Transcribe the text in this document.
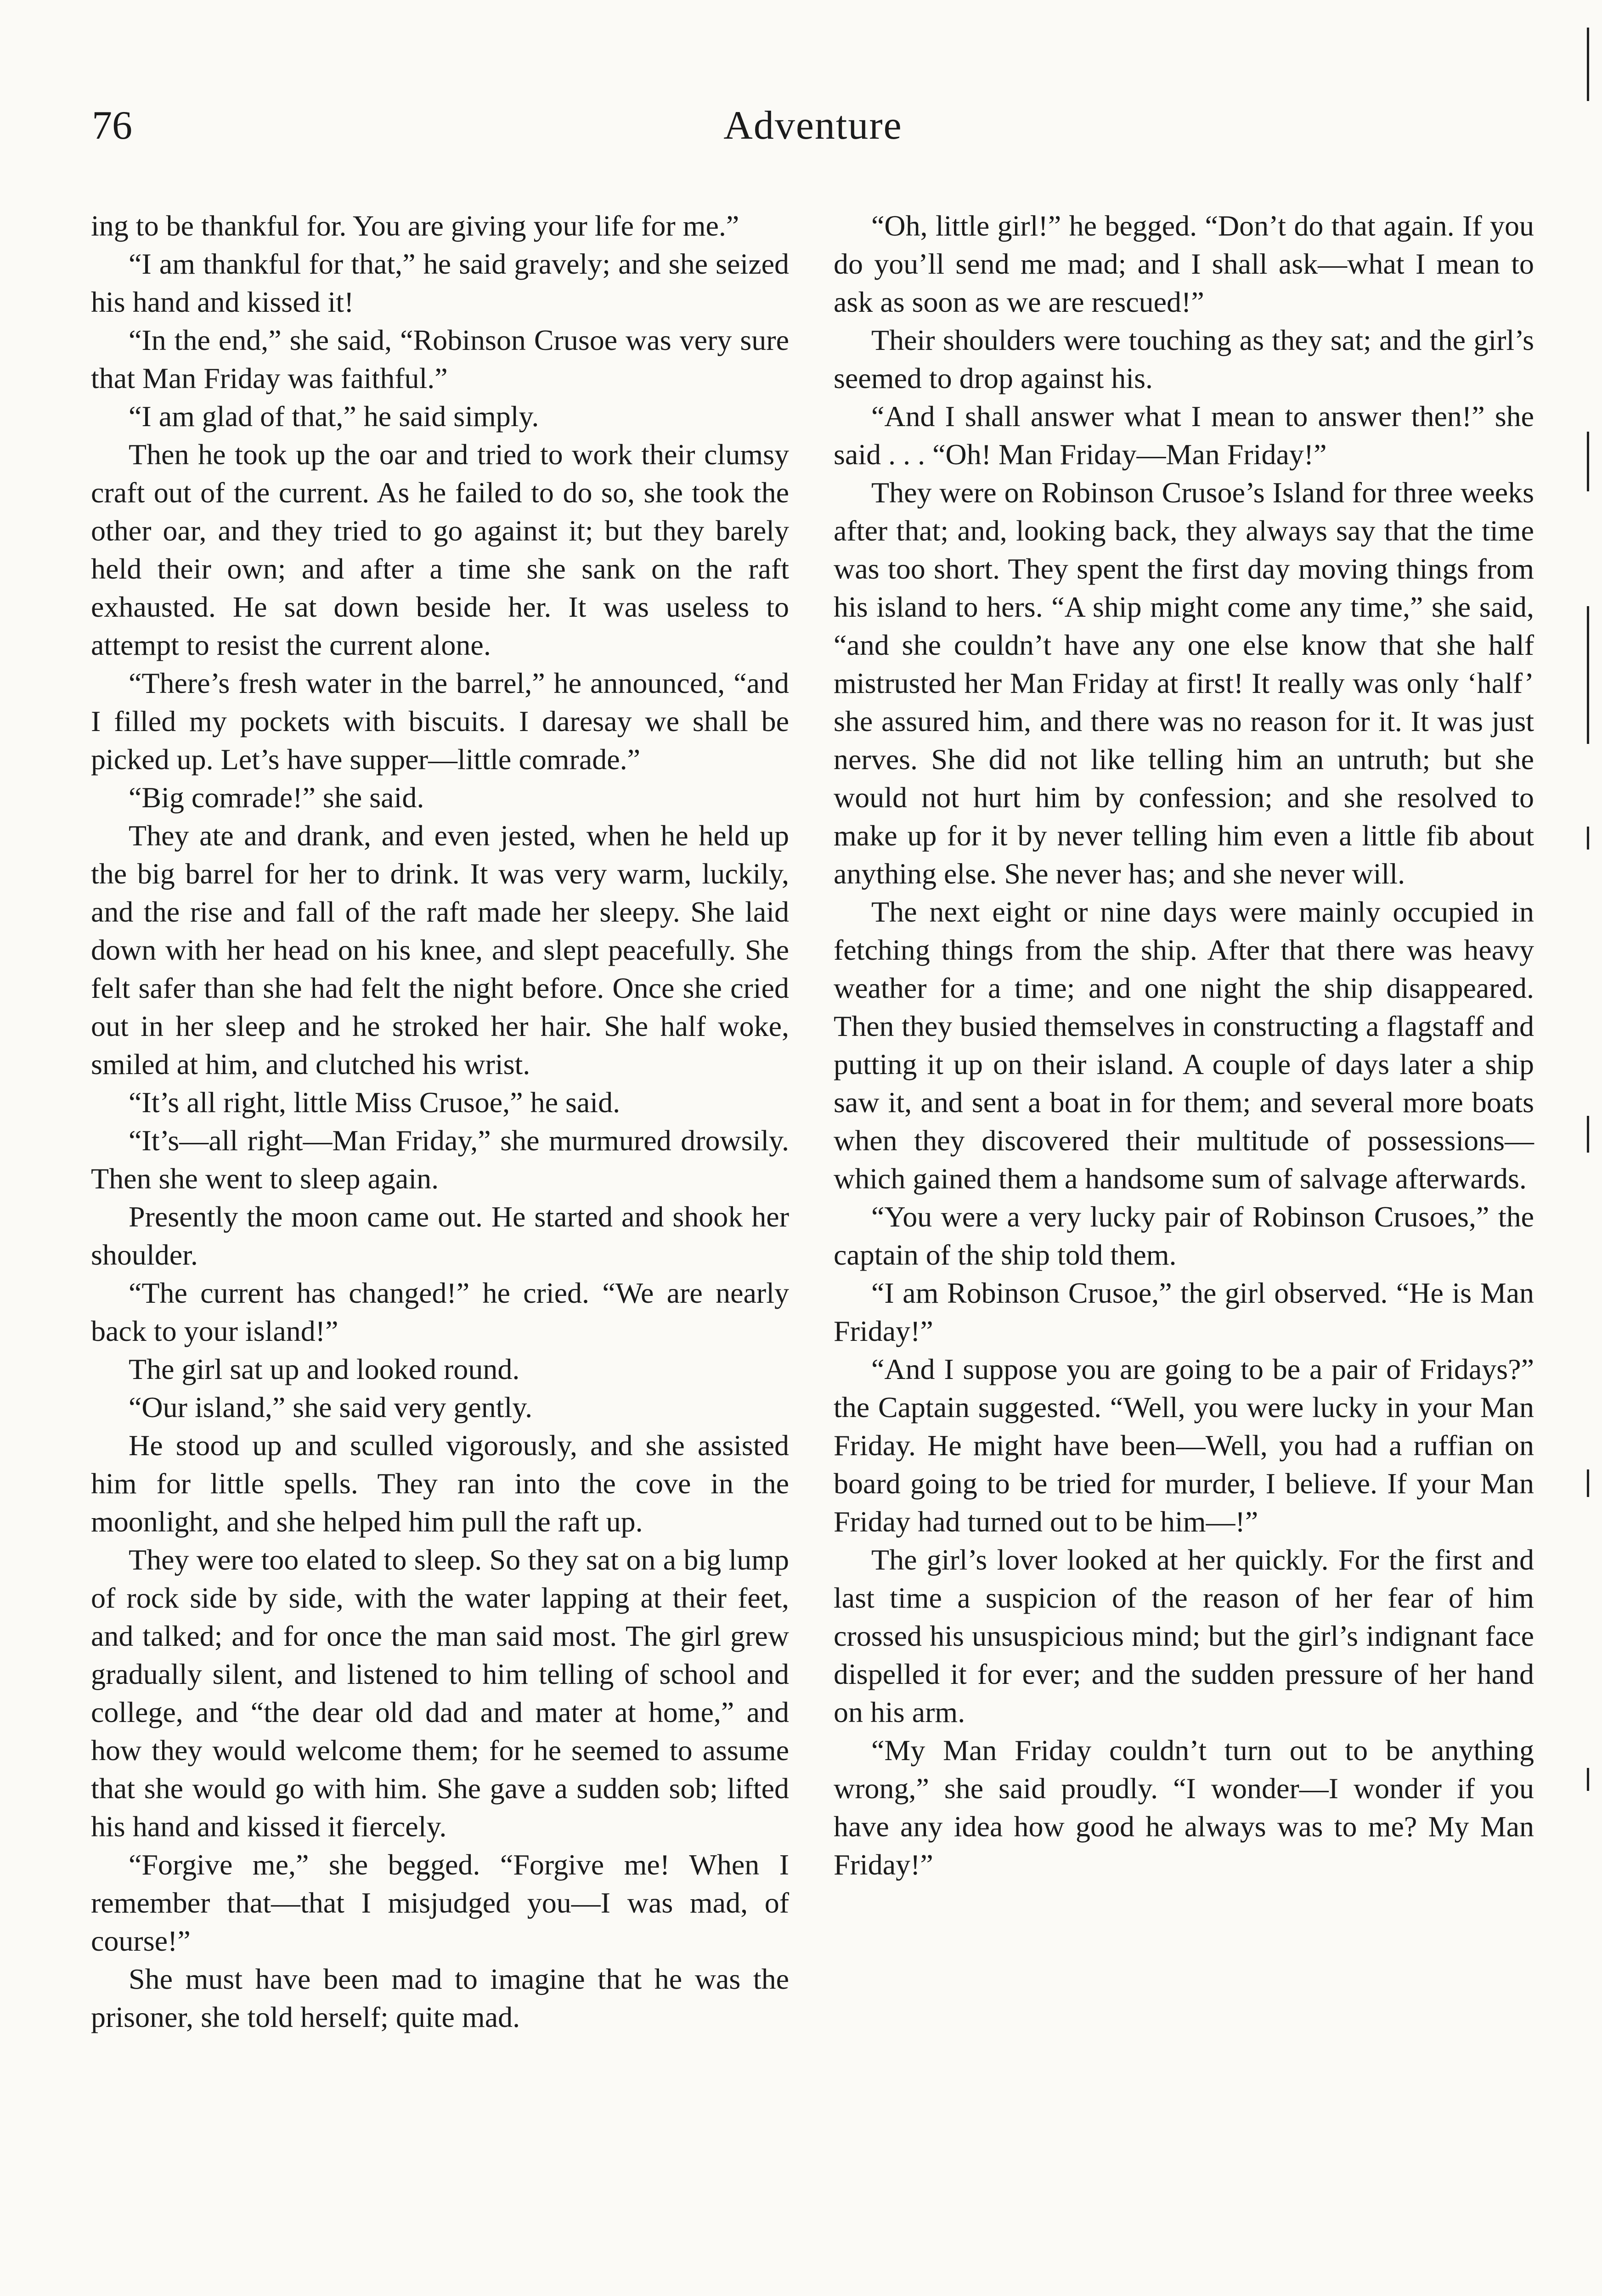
76	Adventure

ing to be thankful for. You are giving your life for me.”

“I am thankful for that,” he said gravely; and she seized his hand and kissed it!

“In the end,” she said, “Robinson Crusoe was very sure that Man Friday was faithful.”

“I am glad of that,” he said simply.

Then he took up the oar and tried to work their clumsy craft out of the current. As he failed to do so, she took the other oar, and they tried to go against it; but they barely held their own; and after a time she sank on the raft exhausted. He sat down beside her. It was useless to attempt to resist the current alone.

“There’s fresh water in the barrel,” he announced, “and I filled my pockets with biscuits. I daresay we shall be picked up. Let’s have supper—little comrade.”

“Big comrade!” she said.

They ate and drank, and even jested, when he held up the big barrel for her to drink. It was very warm, luckily, and the rise and fall of the raft made her sleepy. She laid down with her head on his knee, and slept peacefully. She felt safer than she had felt the night before. Once she cried out in her sleep and he stroked her hair. She half woke, smiled at him, and clutched his wrist.

“It’s all right, little Miss Crusoe,” he said.

“It’s—all right—Man Friday,” she murmured drowsily. Then she went to sleep again.

Presently the moon came out. He started and shook her shoulder.

“The current has changed!” he cried. “We are nearly back to your island!”

The girl sat up and looked round.

“Our island,” she said very gently.

He stood up and sculled vigorously, and she assisted him for little spells. They ran into the cove in the moonlight, and she helped him pull the raft up.

They were too elated to sleep. So they sat on a big lump of rock side by side, with the water lapping at their feet, and talked; and for once the man said most. The girl grew gradually silent, and listened to him telling of school and college, and “the dear old dad and mater at home,” and how they would welcome them; for he seemed to assume that she would go with him. She gave a sudden sob; lifted his hand and kissed it fiercely.

“Forgive me,” she begged. “Forgive me! When I remember that—that I misjudged you—I was mad, of course!”

She must have been mad to imagine that he was the prisoner, she told herself; quite mad.

“Oh, little girl!” he begged. “Don’t do that again. If you do you’ll send me mad; and I shall ask—what I mean to ask as soon as we are rescued!”

Their shoulders were touching as they sat; and the girl’s seemed to drop against his.

“And I shall answer what I mean to answer then!” she said . . . “Oh! Man Friday—Man Friday!”

They were on Robinson Crusoe’s Island for three weeks after that; and, looking back, they always say that the time was too short. They spent the first day moving things from his island to hers. “A ship might come any time,” she said, “and she couldn’t have any one else know that she half mistrusted her Man Friday at first! It really was only ‘half’ she assured him, and there was no reason for it. It was just nerves. She did not like telling him an untruth; but she would not hurt him by confession; and she resolved to make up for it by never telling him even a little fib about anything else. She never has; and she never will.

The next eight or nine days were mainly occupied in fetching things from the ship. After that there was heavy weather for a time; and one night the ship disappeared. Then they busied themselves in constructing a flagstaff and putting it up on their island. A couple of days later a ship saw it, and sent a boat in for them; and several more boats when they discovered their multitude of possessions—which gained them a handsome sum of salvage afterwards.

“You were a very lucky pair of Robinson Crusoes,” the captain of the ship told them.

“I am Robinson Crusoe,” the girl observed. “He is Man Friday!”

“And I suppose you are going to be a pair of Fridays?” the Captain suggested. “Well, you were lucky in your Man Friday. He might have been—Well, you had a ruffian on board going to be tried for murder, I believe. If your Man Friday had turned out to be him—!”

The girl’s lover looked at her quickly. For the first and last time a suspicion of the reason of her fear of him crossed his unsuspicious mind; but the girl’s indignant face dispelled it for ever; and the sudden pressure of her hand on his arm.

“My Man Friday couldn’t turn out to be anything wrong,” she said proudly. “I wonder—I wonder if you have any idea how good he always was to me? My Man Friday!”
